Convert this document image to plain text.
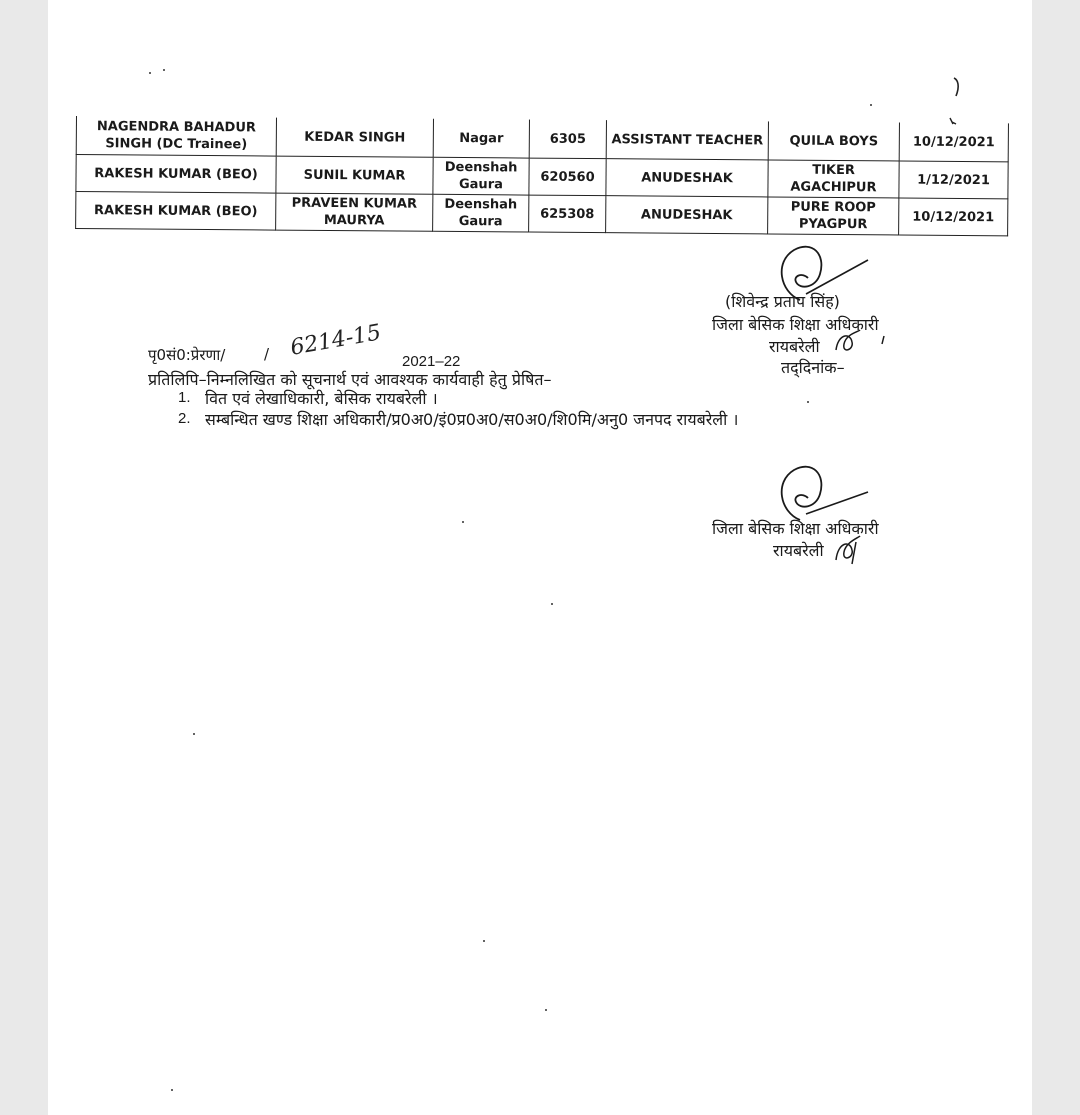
NAGENDRA BAHADUR SINGH (DC Trainee)	KEDAR SINGH	Nagar	6305	ASSISTANT TEACHER	QUILA BOYS	10/12/2021
RAKESH KUMAR (BEO)	SUNIL KUMAR	Deenshah Gaura	620560	ANUDESHAK	TIKER AGACHIPUR	1/12/2021
RAKESH KUMAR (BEO)	PRAVEEN KUMAR MAURYA	Deenshah Gaura	625308	ANUDESHAK	PURE ROOP PYAGPUR	10/12/2021
(शिवेन्द्र प्रताप सिंह)
जिला बेसिक शिक्षा अधिकारी
रायबरेली
तद्‌दिनांक–
पृ0सं0:प्रेरणा/	/ 6214-15
2021–22
प्रतिलिपि–निम्नलिखित को सूचनार्थ एवं आवश्यक कार्यवाही हेतु प्रेषित–
1. वित एवं लेखाधिकारी, बेसिक रायबरेली ।
2. सम्बन्धित खण्ड शिक्षा अधिकारी/प्र0अ0/इं0प्र0अ0/स0अ0/शि0मि/अनु0 जनपद रायबरेली ।
जिला बेसिक शिक्षा अधिकारी
रायबरेली
